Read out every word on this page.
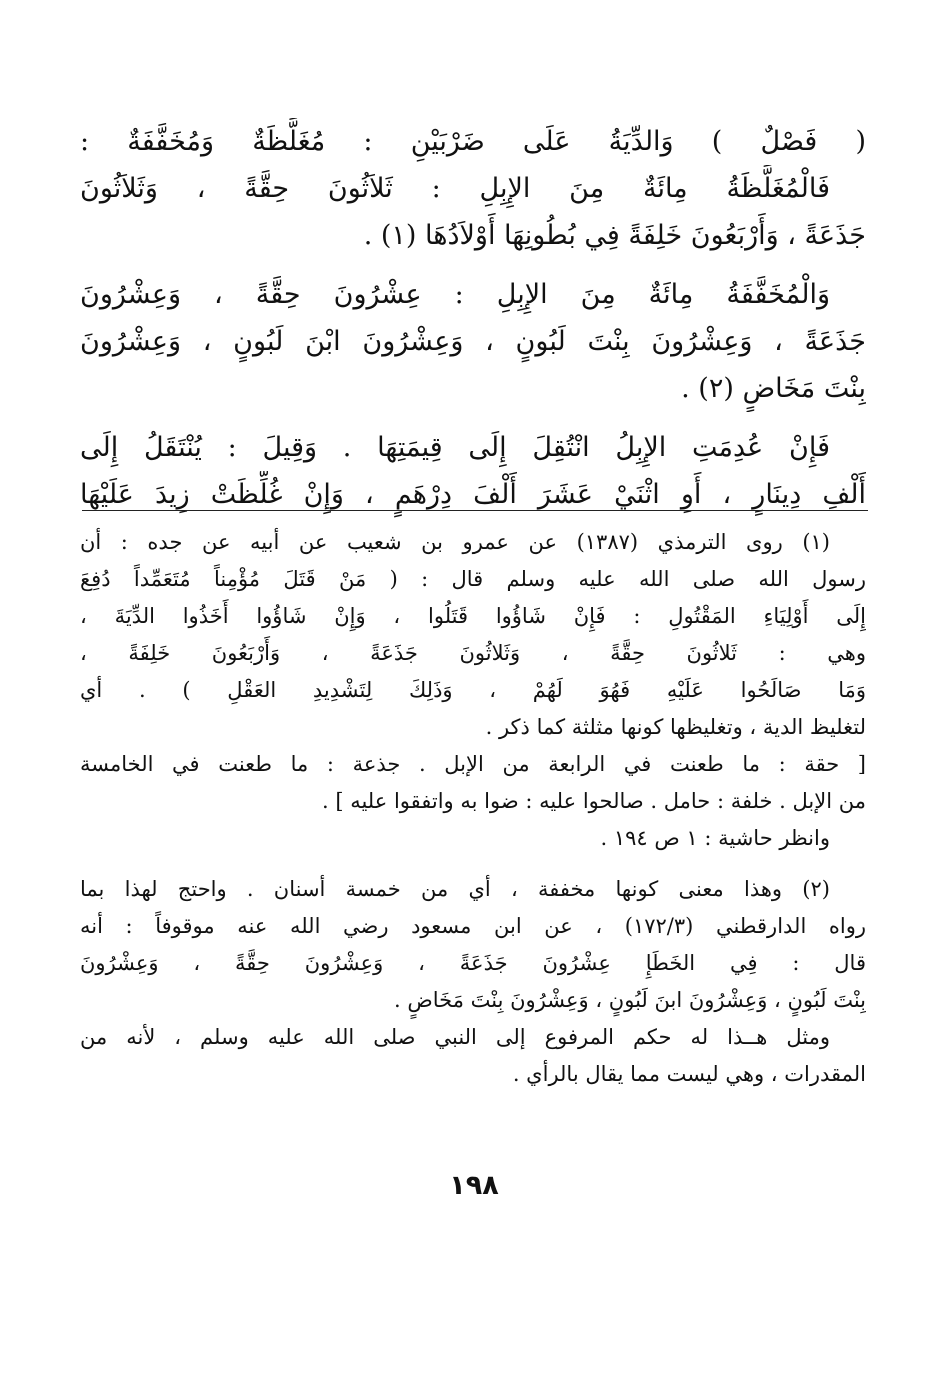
( فَصْلٌ ) وَالدِّيَةُ عَلَى ضَرْبَيْنِ : مُغَلَّظَةٌ وَمُخَفَّفَةٌ :
فَالْمُغَلَّظَةُ مِائَةٌ مِنَ الإِبِلِ : ثَلاَثُونَ حِقَّةً ، وَثَلاَثُونَ
جَذَعَةً ، وَأَرْبَعُونَ خَلِفَةً فِي بُطُونِهَا أَوْلاَدُهَا (١) .
وَالْمُخَفَّفَةُ مِائَةٌ مِنَ الإِبِلِ : عِشْرُونَ حِقَّةً ، وَعِشْرُونَ
جَذَعَةً ، وَعِشْرُونَ بِنْتَ لَبُونٍ ، وَعِشْرُونَ ابْنَ لَبُونٍ ، وَعِشْرُونَ
بِنْتَ مَخَاضٍ (٢) .
فَإِنْ عُدِمَتِ الإِبِلُ انْتُقِلَ إِلَى قِيمَتِهَا . وَقِيلَ : يُنْتَقَلُ إِلَى
أَلْفِ دِينَارٍ ، أَوِ اثْنَيْ عَشَرَ أَلْفَ دِرْهَمٍ ، وَإِنْ غُلِّظَتْ زِيدَ عَلَيْهَا
(١) روى الترمذي (١٣٨٧) عن عمرو بن شعيب عن أبيه عن جده : أن
رسول الله صلى الله عليه وسلم قال : ( مَنْ قَتَلَ مُؤْمِناً مُتَعَمِّداً دُفِعَ
إِلَى أَوْلِيَاءِ المَقْتُولِ : فَإِنْ شَاؤُوا قَتَلُوا ، وَإِنْ شَاؤُوا أَخَذُوا الدِّيَةَ ،
وهي : ثَلاثُونَ حِقَّةً ، وَثَلاثُونَ جَذَعَةً ، وَأَرْبَعُونَ خَلِفَةً ،
وَمَا صَالَحُوا عَلَيْهِ فَهُوَ لَهُمْ ، وَذَلِكَ لِتَشْدِيدِ العَقْلِ ) . أي
لتغليظ الدية ، وتغليظها كونها مثلثة كما ذكر .
[ حقة : ما طعنت في الرابعة من الإبل . جذعة : ما طعنت في الخامسة
من الإبل . خلفة : حامل . صالحوا عليه : ضوا به واتفقوا عليه ] .
وانظر حاشية : ١ ص ١٩٤ .
(٢) وهذا معنى كونها مخففة ، أي من خمسة أسنان . واحتج لهذا بما
رواه الدارقطني (١٧٢/٣) ، عن ابن مسعود رضي الله عنه موقوفاً : أنه
قال : فِي الخَطَإِ عِشْرُونَ جَذَعَةً ، وَعِشْرُونَ حِقَّةً ، وَعِشْرُونَ
بِنْتَ لَبُونٍ ، وَعِشْرُونَ ابنَ لَبُونٍ ، وَعِشْرُونَ بِنْتَ مَخَاضٍ .
ومثل هــذا له حكم المرفوع إلى النبي صلى الله عليه وسلم ، لأنه من
المقدرات ، وهي ليست مما يقال بالرأي .
١٩٨
